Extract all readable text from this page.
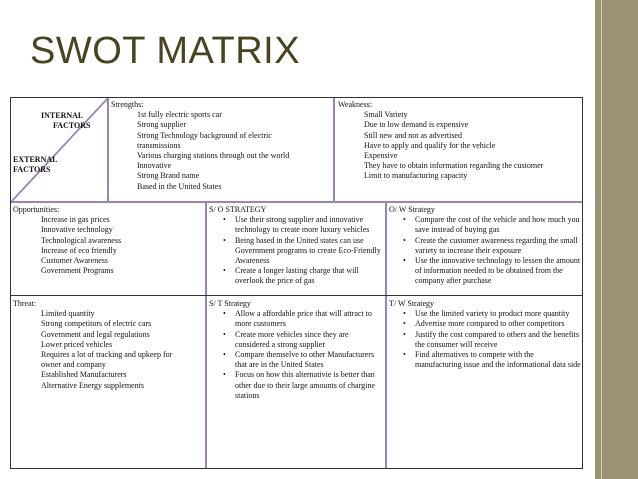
SWOT MATRIX
INTERNAL
FACTORS
EXTERNAL
FACTORS
Strengths:
1st fully electric sports car
Strong supplier
Strong Technology background of electric
transmissions
Various charging stations through out the world
Innovative
Strong Brand name
Based in the United States
Weakness:
Small Variety
Due to low demand is expensive
Still new and not as advertised
Have to apply and qualify for the vehicle
Expensive
They have to obtain information regarding the customer
Limit to manufacturing capacity
Opportunities:
Increase in gas prices
Innovative technology
Technological awareness
Increase of eco friendly
Customer Awareness
Government Programs
S/ O STRATEGY
• Use their strong supplier and innovative technology to create more luxury vehicles
• Being based in the United states can use Government programs to create Eco-Friendly Awareness
• Create a longer lasting charge that will overlook the price of gas
O/ W Strategy
• Compare the cost of the vehicle and how much you save instead of buying gas
• Create the customer awareness regarding the small variety to increase their exposure
• Use the innovative technology to lessen the amount of information needed to be obtained from the company after purchase
Threat:
Limited quantity
Strong competitors of electric cars
Government and legal regulations
Lower priced vehicles
Requires a lot of tracking and upkeep for
owner and company
Established Manufacturers
Alternative Energy supplements
S/ T Strategy
• Allow a affordable price that will attract to more customers
• Create more vehicles since they are considered a strong supplier
• Compare themselve to other Manufacturers that are in the United States
• Focus on how this alternativie is better than other due to their large amounts of chargine stations
T/ W Strategy
• Use the limited variety to product more quantity
• Advertise more compared to other competitors
• Justify the cost compared to others and the benefits the consumer will receive
• Find alternatives to compete with the manufacturing issue and the informational data side
